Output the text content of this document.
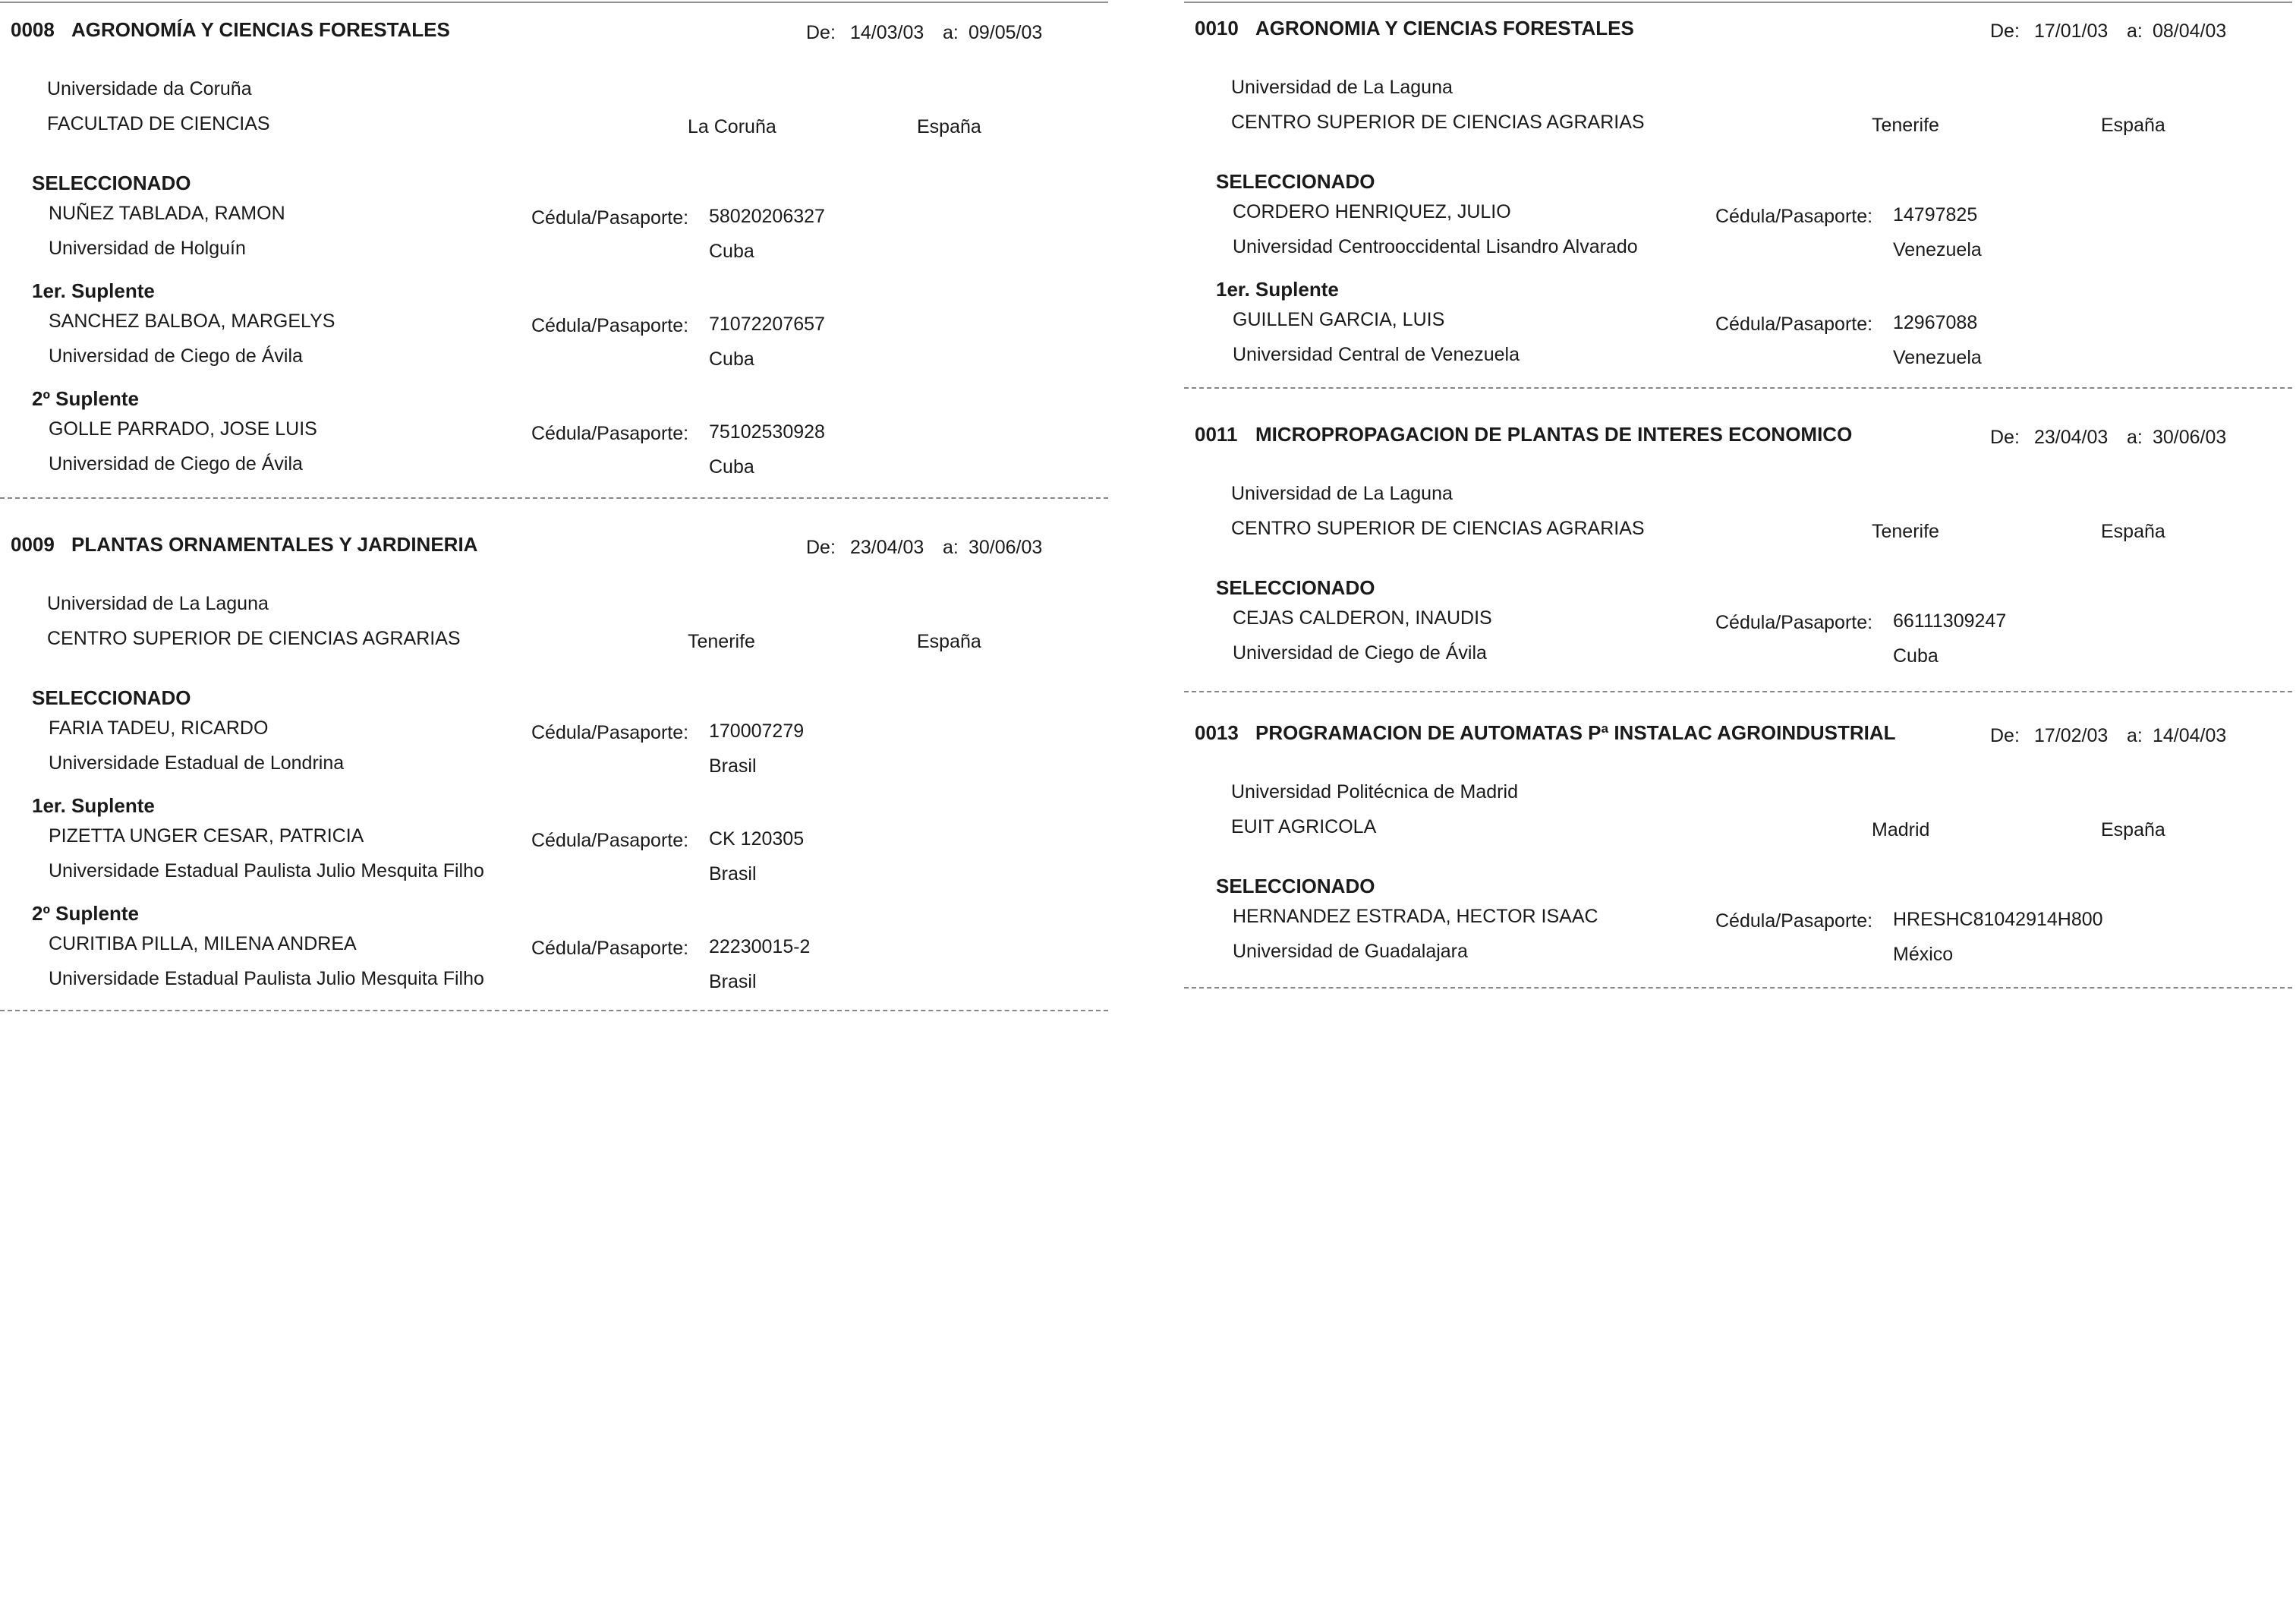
0008 AGRONOMÍA Y CIENCIAS FORESTALES	De: 14/03/03 a: 09/05/03
Universidade da Coruña
FACULTAD DE CIENCIAS	La Coruña	España
SELECCIONADO
NUÑEZ TABLADA, RAMON	Cédula/Pasaporte: 58020206327
Universidad de Holguín	Cuba
1er. Suplente
SANCHEZ BALBOA, MARGELYS	Cédula/Pasaporte: 71072207657
Universidad de Ciego de Ávila	Cuba
2º Suplente
GOLLE PARRADO, JOSE LUIS	Cédula/Pasaporte: 75102530928
Universidad de Ciego de Ávila	Cuba
0009 PLANTAS ORNAMENTALES Y JARDINERIA	De: 23/04/03 a: 30/06/03
Universidad de La Laguna
CENTRO SUPERIOR DE CIENCIAS AGRARIAS	Tenerife	España
SELECCIONADO
FARIA TADEU, RICARDO	Cédula/Pasaporte: 170007279
Universidade Estadual de Londrina	Brasil
1er. Suplente
PIZETTA UNGER CESAR, PATRICIA	Cédula/Pasaporte: CK 120305
Universidade Estadual Paulista Julio Mesquita Filho	Brasil
2º Suplente
CURITIBA PILLA, MILENA ANDREA	Cédula/Pasaporte: 22230015-2
Universidade Estadual Paulista Julio Mesquita Filho	Brasil
0010 AGRONOMIA Y CIENCIAS FORESTALES	De: 17/01/03 a: 08/04/03
Universidad de La Laguna
CENTRO SUPERIOR DE CIENCIAS AGRARIAS	Tenerife	España
SELECCIONADO
CORDERO HENRIQUEZ, JULIO	Cédula/Pasaporte: 14797825
Universidad Centrooccidental Lisandro Alvarado	Venezuela
1er. Suplente
GUILLEN GARCIA, LUIS	Cédula/Pasaporte: 12967088
Universidad Central de Venezuela	Venezuela
0011 MICROPROPAGACION DE PLANTAS DE INTERES ECONOMICO	De: 23/04/03 a: 30/06/03
Universidad de La Laguna
CENTRO SUPERIOR DE CIENCIAS AGRARIAS	Tenerife	España
SELECCIONADO
CEJAS CALDERON, INAUDIS	Cédula/Pasaporte: 66111309247
Universidad de Ciego de Ávila	Cuba
0013 PROGRAMACION DE AUTOMATAS Pª INSTALAC AGROINDUSTRIAL	De: 17/02/03 a: 14/04/03
Universidad Politécnica de Madrid
EUIT AGRICOLA	Madrid	España
SELECCIONADO
HERNANDEZ ESTRADA, HECTOR ISAAC	Cédula/Pasaporte: HRESHC81042914H800
Universidad de Guadalajara	México
